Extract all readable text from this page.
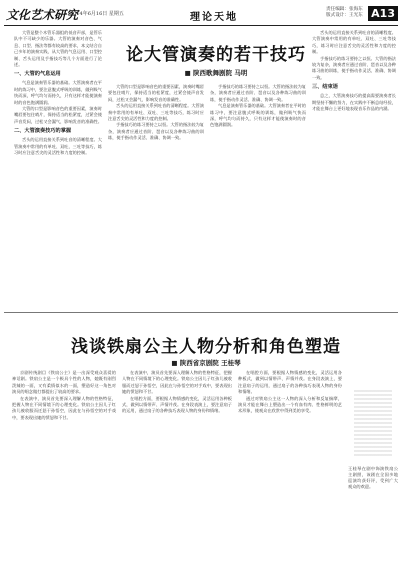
文化艺术研究
2014年6月16日 星期五	理论天地
责任编辑：张海东
版式设计：王光东 A13
论大管演奏的若干技巧
■ 陕西歌舞剧院 马明

大管是整个木管乐器组的低音声部，是管乐队中不可缺少的乐器。大管的演奏对音色、气息、口型、指法等都有较高的要求，本文结合自己多年的演奏实践，从大管的气息运用、口型控制、舌头运用及手指技巧等几个方面进行了论述。

一、大管的气息运用

气息是演奏管乐器的基础。大管演奏者在平时的练习中，要注意腹式呼吸的训练，做到吸气快而深，呼气均匀而持久，只有这样才能使演奏时的音色饱满圆润。

大管的口型是影响音色的重要因素，演奏时嘴唇要包住哨片，保持适当的松紧度，过紧会使声音发闷，过松又会漏气，影响发音的准确性。

二、大管演奏技巧的掌握

舌头的运用直接关系到吐音的清晰程度。大管演奏中常用的有单吐、双吐、三吐等技巧，练习时应注意舌尖的灵活性和力度的控制。

大管的口型是影响音色的重要因素，演奏时嘴唇要包住哨片，保持适当的松紧度，过紧会使声音发闷，过松又会漏气，影响发音的准确性。

舌头的运用直接关系到吐音的清晰程度。大管演奏中常用的有单吐、双吐、三吐等技巧，练习时应注意舌尖的灵活性和力度的控制。

手指技巧的练习要持之以恒。大管的指法较为复杂，演奏者应通过音阶、琶音以及各种练习曲的训练，使手指动作灵活、准确、协调一致。

手指技巧的练习要持之以恒。大管的指法较为复杂，演奏者应通过音阶、琶音以及各种练习曲的训练，使手指动作灵活、准确、协调一致。

气息是演奏管乐器的基础。大管演奏者在平时的练习中，要注意腹式呼吸的训练，做到吸气快而深，呼气均匀而持久，只有这样才能使演奏时的音色饱满圆润。

舌头的运用直接关系到吐音的清晰程度。大管演奏中常用的有单吐、双吐、三吐等技巧，练习时应注意舌尖的灵活性和力度的控制。

手指技巧的练习要持之以恒。大管的指法较为复杂，演奏者应通过音阶、琶音以及各种练习曲的训练，使手指动作灵活、准确、协调一致。

三、结束语

总之，大管演奏技巧的提高需要演奏者长期坚持不懈的努力，在实践中不断总结经验，才能在舞台上更好地表现音乐作品的内涵。

浅谈铁扇公主人物分析和角色塑造
■ 陕西省京剧院 王桂琴

京剧传统剧目《铁扇公主》是一出深受观众喜爱的神话剧。铁扇公主是一个极具个性的人物，她既有刚烈泼辣的一面，又有柔情似水的一面，塑造好这一角色对演员的唱念做打都提出了较高的要求。

在表演中，演员首先要深入理解人物的性格特征，把握人物在不同情境下的心理变化。铁扇公主因儿子红孩儿被收服而迁怒于孙悟空，因此在与孙悟空的对手戏中，要表现出她的愤怒和不甘。

在表演中，演员首先要深入理解人物的性格特征，把握人物在不同情境下的心理变化。铁扇公主因儿子红孩儿被收服而迁怒于孙悟空，因此在与孙悟空的对手戏中，要表现出她的愤怒和不甘。

在唱腔方面，要根据人物情感的变化，灵活运用各种板式，做到以情带声、声情并茂。在身段表演上，要注意扇子的运用，通过扇子的各种技巧表现人物的身份和情绪。

在唱腔方面，要根据人物情感的变化，灵活运用各种板式，做到以情带声、声情并茂。在身段表演上，要注意扇子的运用，通过扇子的各种技巧表现人物的身份和情绪。

通过对铁扇公主这一人物的深入分析和反复揣摩，演员才能在舞台上塑造出一个有血有肉、性格鲜明的艺术形象，使观众在欣赏中得到美的享受。

王桂琴在剧中饰演铁扇公主剧照，该剧在全国多地巡演均获好评，受到广大观众的欢迎。
